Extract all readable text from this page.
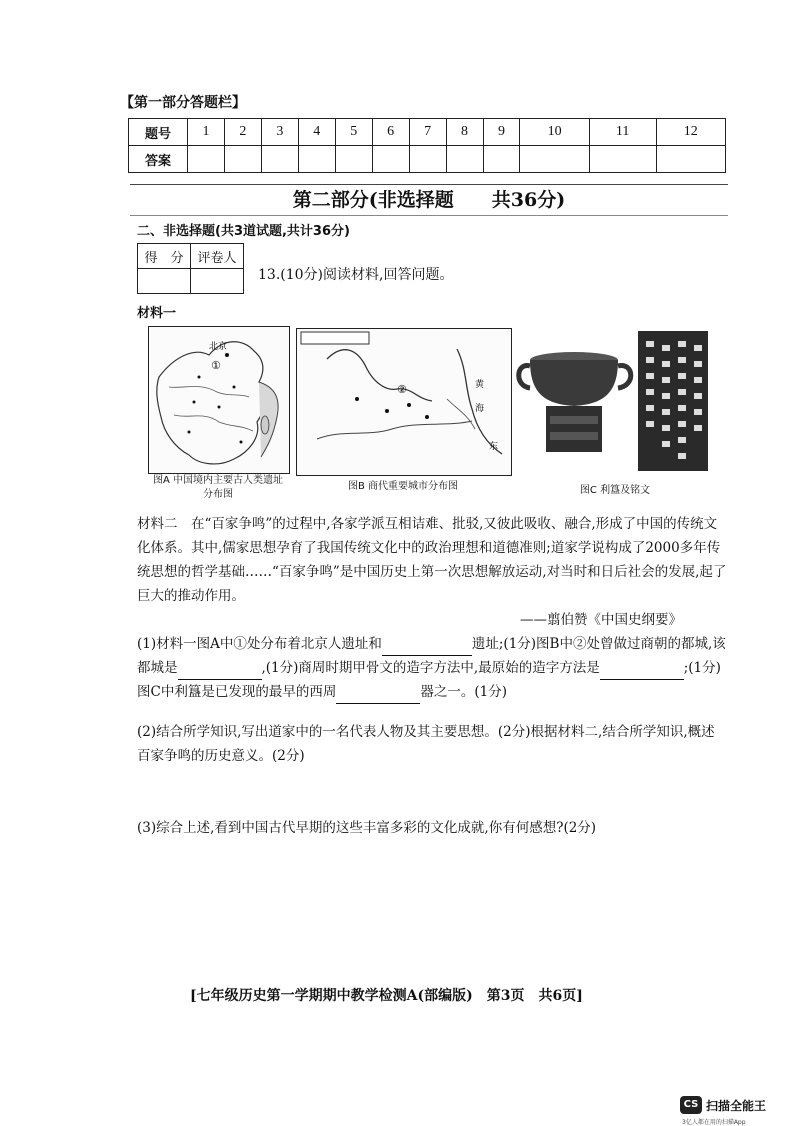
【第一部分答题栏】
题号	1	2	3	4	5	6	7	8	9	10	11	12
答案												
第二部分(非选择题　　共36分)
二、非选择题(共3道试题,共计36分)
得　分	评卷人

13.(10分)阅读材料,回答问题。
材料一
北京
①
图A 中国境内主要古人类遗址分布图
②	黄
海
东
图B 商代重要城市分布图	图C 利簋及铭文
材料二　在“百家争鸣”的过程中,各家学派互相诘难、批驳,又彼此吸收、融合,形成了中国的传统文化体系。其中,儒家思想孕育了我国传统文化中的政治理想和道德准则;道家学说构成了2000多年传统思想的哲学基础……“百家争鸣”是中国历史上第一次思想解放运动,对当时和日后社会的发展,起了巨大的推动作用。
——翦伯赞《中国史纲要》
(1)材料一图A中①处分布着北京人遗址和	遗址;(1分)图B中②处曾做过商朝的都城,该都城是	,(1分)商周时期甲骨文的造字方法中,最原始的造字方法是	;(1分)图C中利簋是已发现的最早的西周	器之一。(1分)
(2)结合所学知识,写出道家中的一名代表人物及其主要思想。(2分)根据材料二,结合所学知识,概述百家争鸣的历史意义。(2分)
(3)综合上述,看到中国古代早期的这些丰富多彩的文化成就,你有何感想?(2分)
[七年级历史第一学期期中教学检测A(部编版)　第3页　共6页]
CS 扫描全能王
3亿人都在用的扫描App
